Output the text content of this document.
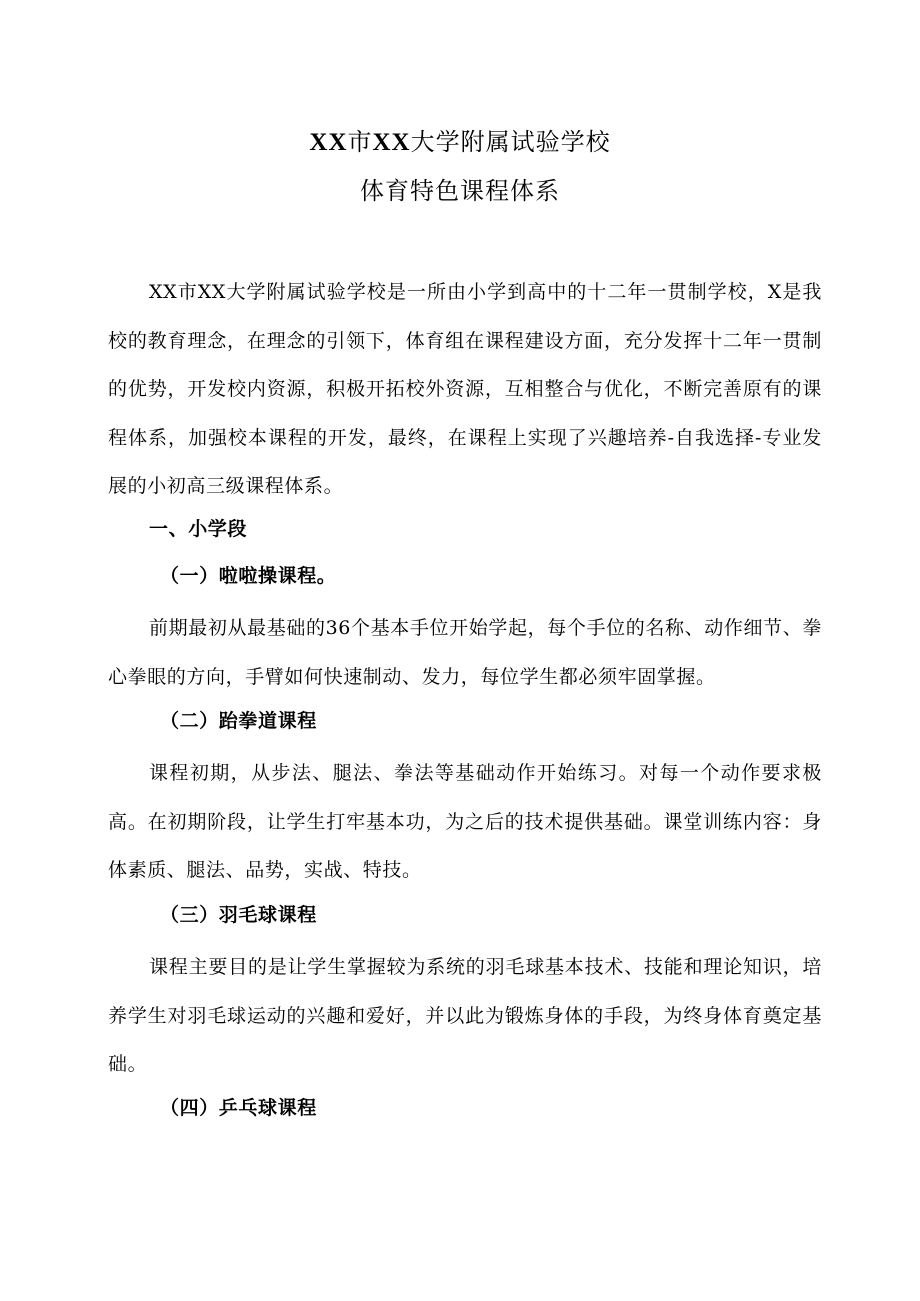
XX市XX大学附属试验学校
体育特色课程体系

XX市XX大学附属试验学校是一所由小学到高中的十二年一贯制学校，X是我校的教育理念，在理念的引领下，体育组在课程建设方面，充分发挥十二年一贯制的优势，开发校内资源，积极开拓校外资源，互相整合与优化，不断完善原有的课程体系，加强校本课程的开发，最终，在课程上实现了兴趣培养-自我选择-专业发展的小初高三级课程体系。

一、小学段

（一）啦啦操课程。

前期最初从最基础的36个基本手位开始学起，每个手位的名称、动作细节、拳心拳眼的方向，手臂如何快速制动、发力，每位学生都必须牢固掌握。

（二）跆拳道课程

课程初期，从步法、腿法、拳法等基础动作开始练习。对每一个动作要求极高。在初期阶段，让学生打牢基本功，为之后的技术提供基础。课堂训练内容：身体素质、腿法、品势，实战、特技。

（三）羽毛球课程

课程主要目的是让学生掌握较为系统的羽毛球基本技术、技能和理论知识，培养学生对羽毛球运动的兴趣和爱好，并以此为锻炼身体的手段，为终身体育奠定基础。

（四）乒乓球课程
